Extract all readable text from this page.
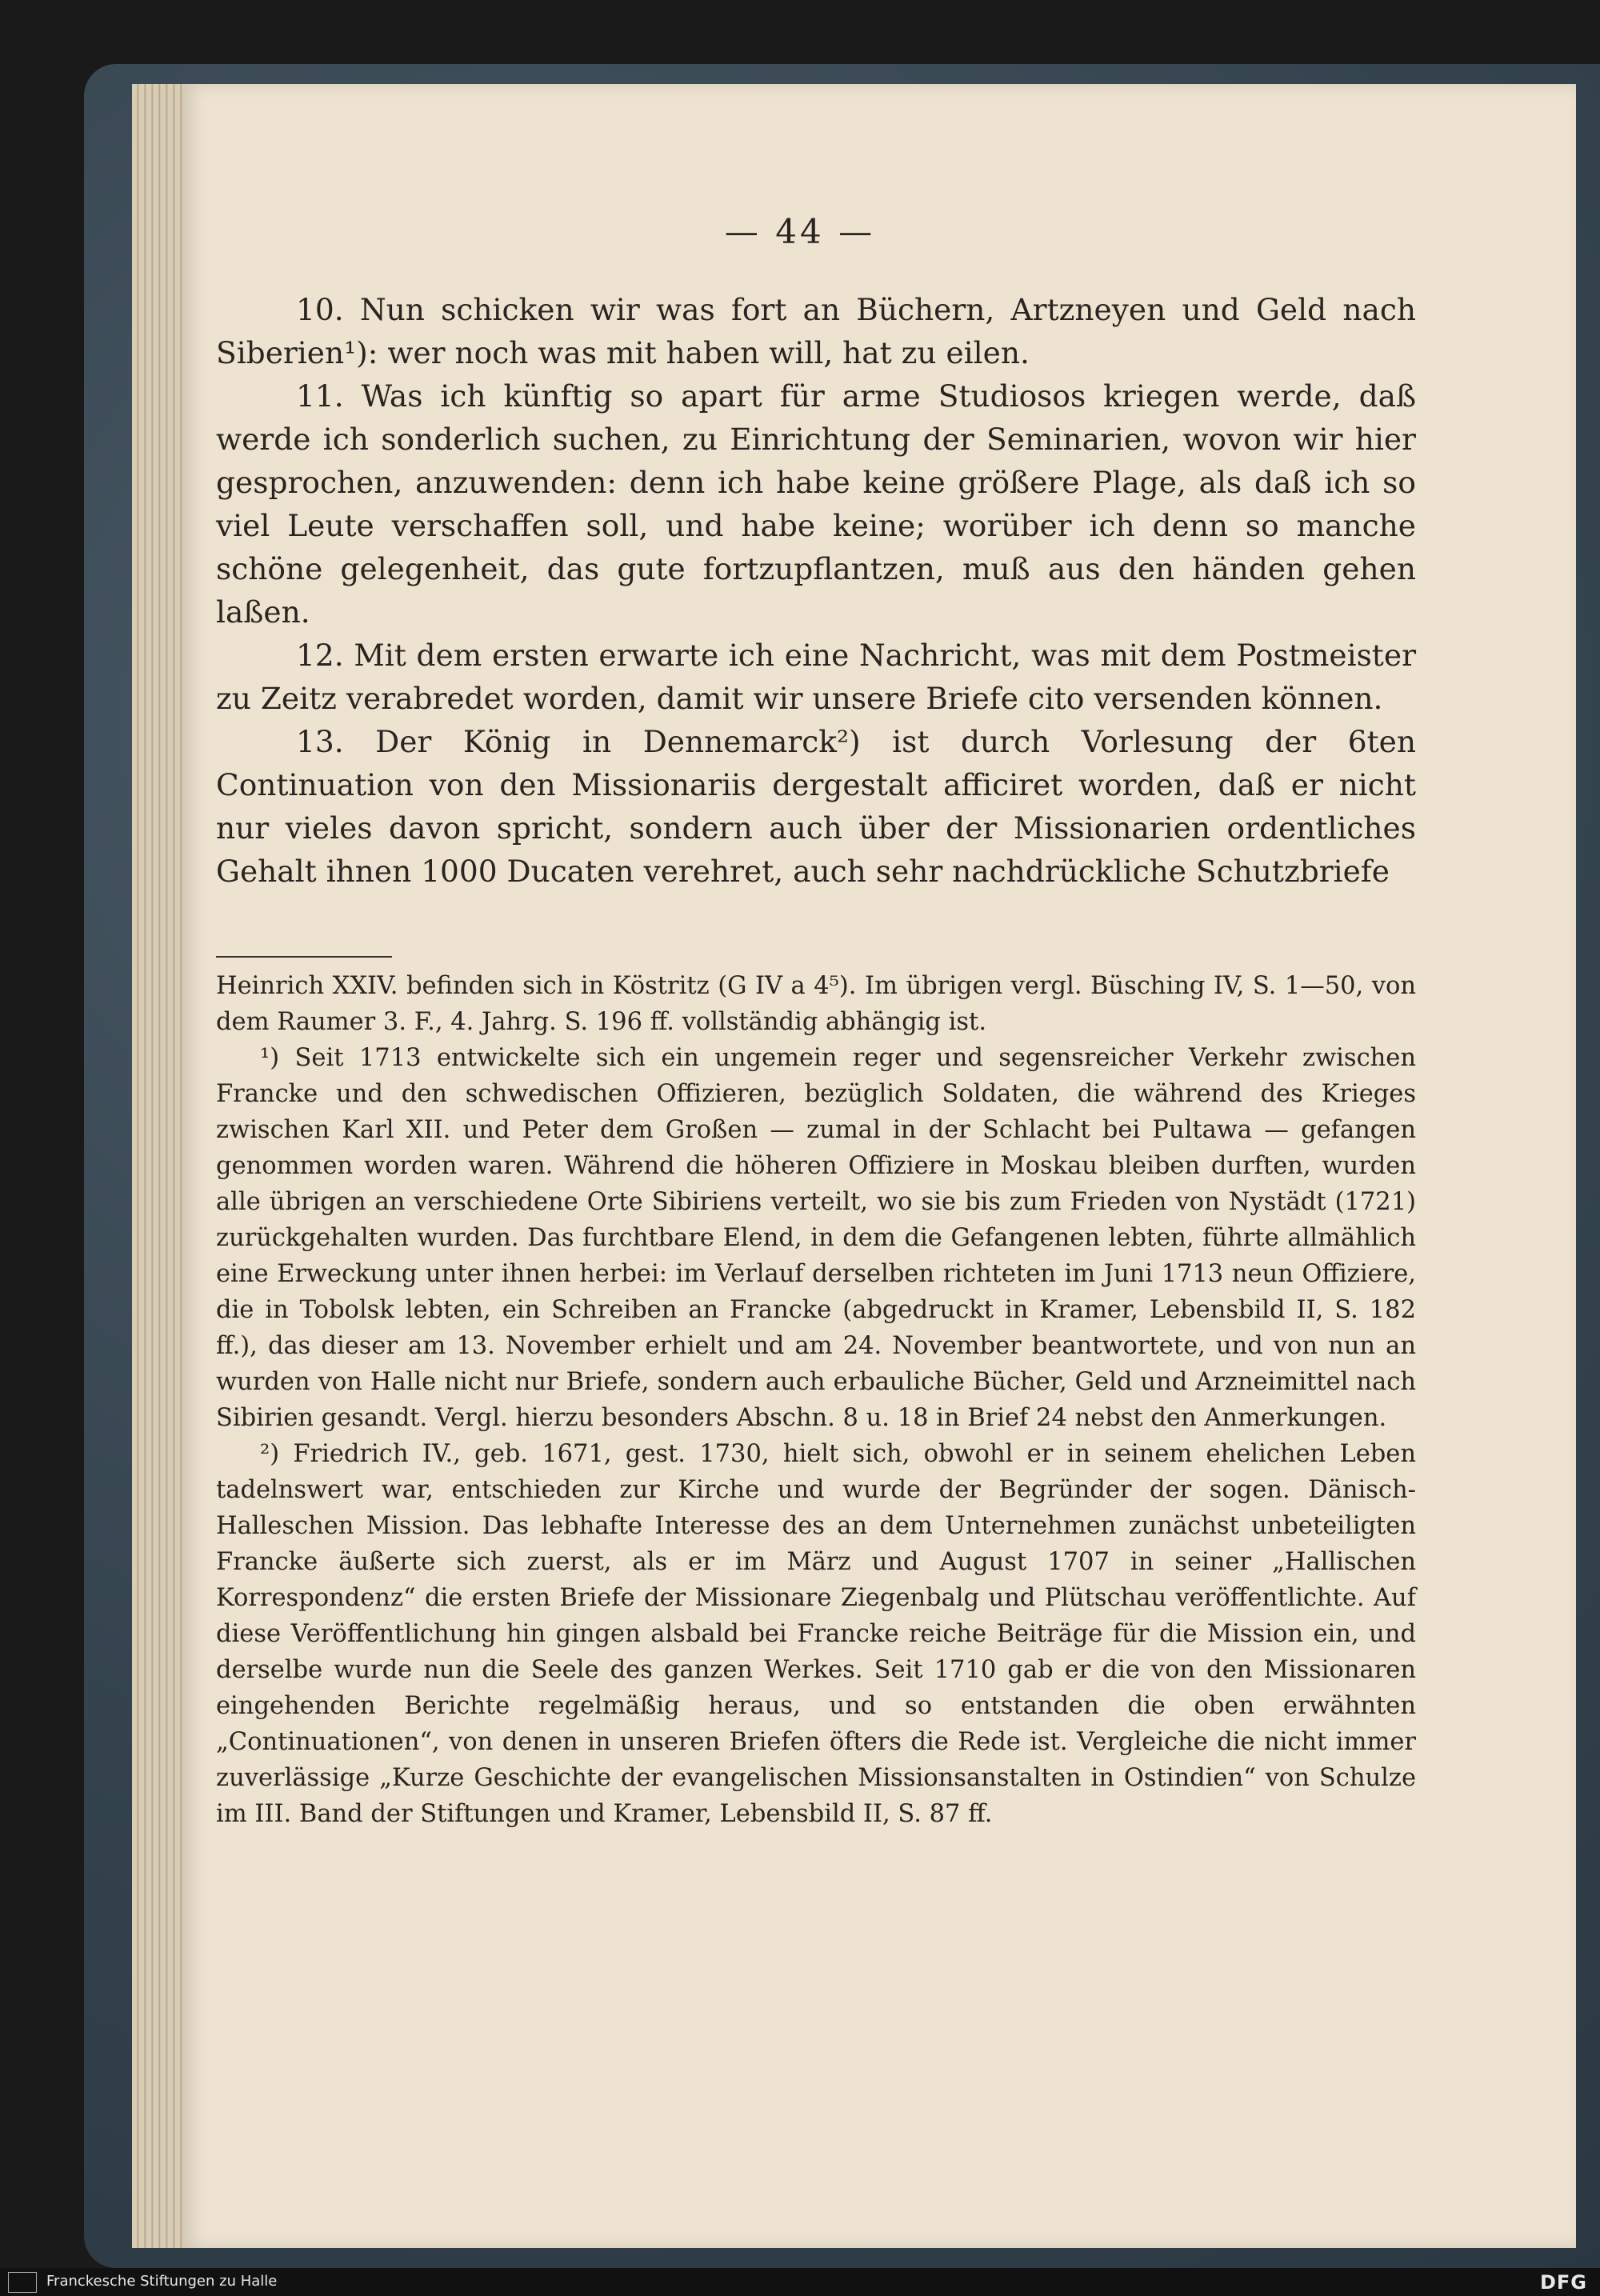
— 44 —

10. Nun schicken wir was fort an Büchern, Artzneyen und Geld nach Siberien¹): wer noch was mit haben will, hat zu eilen.

11. Was ich künftig so apart für arme Studiosos kriegen werde, daß werde ich sonderlich suchen, zu Einrichtung der Seminarien, wovon wir hier gesprochen, anzuwenden: denn ich habe keine größere Plage, als daß ich so viel Leute verschaffen soll, und habe keine; worüber ich denn so manche schöne gelegenheit, das gute fortzupflantzen, muß aus den händen gehen laßen.

12. Mit dem ersten erwarte ich eine Nachricht, was mit dem Postmeister zu Zeitz verabredet worden, damit wir unsere Briefe cito versenden können.

13. Der König in Dennemarck²) ist durch Vorlesung der 6ten Continuation von den Missionariis dergestalt afficiret worden, daß er nicht nur vieles davon spricht, sondern auch über der Missionarien ordentliches Gehalt ihnen 1000 Ducaten verehret, auch sehr nachdrückliche Schutzbriefe

Heinrich XXIV. befinden sich in Köstritz (G IV a 4⁵). Im übrigen vergl. Büsching IV, S. 1—50, von dem Raumer 3. F., 4. Jahrg. S. 196 ff. vollständig abhängig ist.

¹) Seit 1713 entwickelte sich ein ungemein reger und segensreicher Verkehr zwischen Francke und den schwedischen Offizieren, bezüglich Soldaten, die während des Krieges zwischen Karl XII. und Peter dem Großen — zumal in der Schlacht bei Pultawa — gefangen genommen worden waren. Während die höheren Offiziere in Moskau bleiben durften, wurden alle übrigen an verschiedene Orte Sibiriens verteilt, wo sie bis zum Frieden von Nystädt (1721) zurückgehalten wurden. Das furchtbare Elend, in dem die Gefangenen lebten, führte allmählich eine Erweckung unter ihnen herbei: im Verlauf derselben richteten im Juni 1713 neun Offiziere, die in Tobolsk lebten, ein Schreiben an Francke (abgedruckt in Kramer, Lebensbild II, S. 182 ff.), das dieser am 13. November erhielt und am 24. November beantwortete, und von nun an wurden von Halle nicht nur Briefe, sondern auch erbauliche Bücher, Geld und Arzneimittel nach Sibirien gesandt. Vergl. hierzu besonders Abschn. 8 u. 18 in Brief 24 nebst den Anmerkungen.

²) Friedrich IV., geb. 1671, gest. 1730, hielt sich, obwohl er in seinem ehelichen Leben tadelnswert war, entschieden zur Kirche und wurde der Begründer der sogen. Dänisch-Halleschen Mission. Das lebhafte Interesse des an dem Unternehmen zunächst unbeteiligten Francke äußerte sich zuerst, als er im März und August 1707 in seiner „Hallischen Korrespondenz“ die ersten Briefe der Missionare Ziegenbalg und Plütschau veröffentlichte. Auf diese Veröffentlichung hin gingen alsbald bei Francke reiche Beiträge für die Mission ein, und derselbe wurde nun die Seele des ganzen Werkes. Seit 1710 gab er die von den Missionaren eingehenden Berichte regelmäßig heraus, und so entstanden die oben erwähnten „Continuationen“, von denen in unseren Briefen öfters die Rede ist. Vergleiche die nicht immer zuverlässige „Kurze Geschichte der evangelischen Missionsanstalten in Ostindien“ von Schulze im III. Band der Stiftungen und Kramer, Lebensbild II, S. 87 ff.

Franckesche Stiftungen zu Halle	DFG
